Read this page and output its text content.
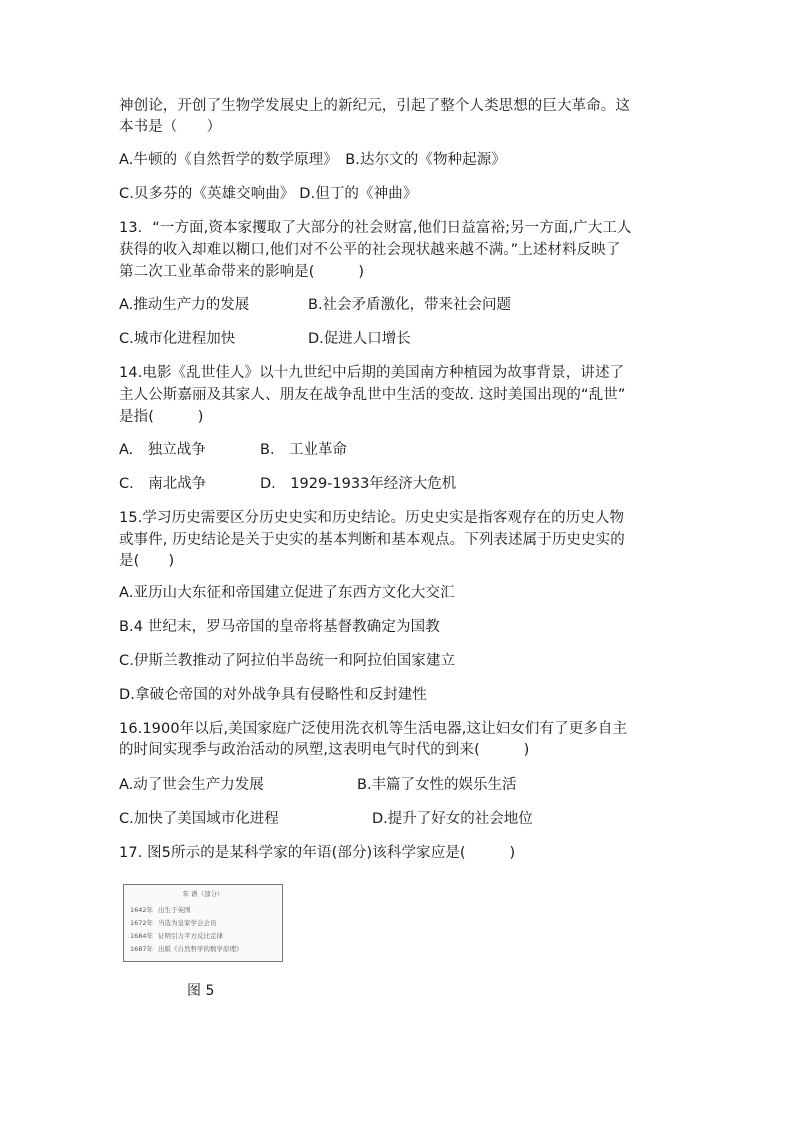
神创论，开创了生物学发展史上的新纪元，引起了整个人类思想的巨大革命。这
本书是（　　）
A.牛顿的《自然哲学的数学原理》　B.达尔文的《物种起源》
C.贝多芬的《英雄交响曲》 D.但丁的《神曲》
13．“一方面,资本家攫取了大部分的社会财富,他们日益富裕;另一方面,广大工人
获得的收入却难以糊口,他们对不公平的社会现状越来越不满。”上述材料反映了
第二次工业革命带来的影响是(　　　)
A.推动生产力的发展	B.社会矛盾激化，带来社会问题
C.城市化进程加快	D.促进人口增长
14.电影《乱世佳人》以十九世纪中后期的美国南方种植园为故事背景，讲述了
主人公斯嘉丽及其家人、朋友在战争乱世中生活的变故. 这时美国出现的“乱世”
是指(　　　)
A.　独立战争	B.　工业革命
C.　南北战争	D.　1929-1933年经济大危机
15.学习历史需要区分历史史实和历史结论。历史史实是指客观存在的历史人物
或事件, 历史结论是关于史实的基本判断和基本观点。下列表述属于历史史实的
是(　　)
A.亚历山大东征和帝国建立促进了东西方文化大交汇
B.4 世纪末，罗马帝国的皇帝将基督教确定为国教
C.伊斯兰教推动了阿拉伯半岛统一和阿拉伯国家建立
D.拿破仑帝国的对外战争具有侵略性和反封建性
16.1900年以后,美国家庭广泛使用洗衣机等生活电器,这让妇女们有了更多自主
的时间实现季与政治活动的夙塑,这表明电气时代的到来(　　　)
A.动了世会生产力发展	B.丰篇了女性的娱乐生活
C.加快了美国域市化进程	D.提升了好女的社会地位
17. 图5所示的是某科学家的年语(部分)该科学家应是(　　　)
年 谱（部分）
1642年 出生于英国
1672年 当选为皇家学会会员
1684年 证明引力平方反比定律
1687年 出版《自然哲学的数学原理》
图 5
